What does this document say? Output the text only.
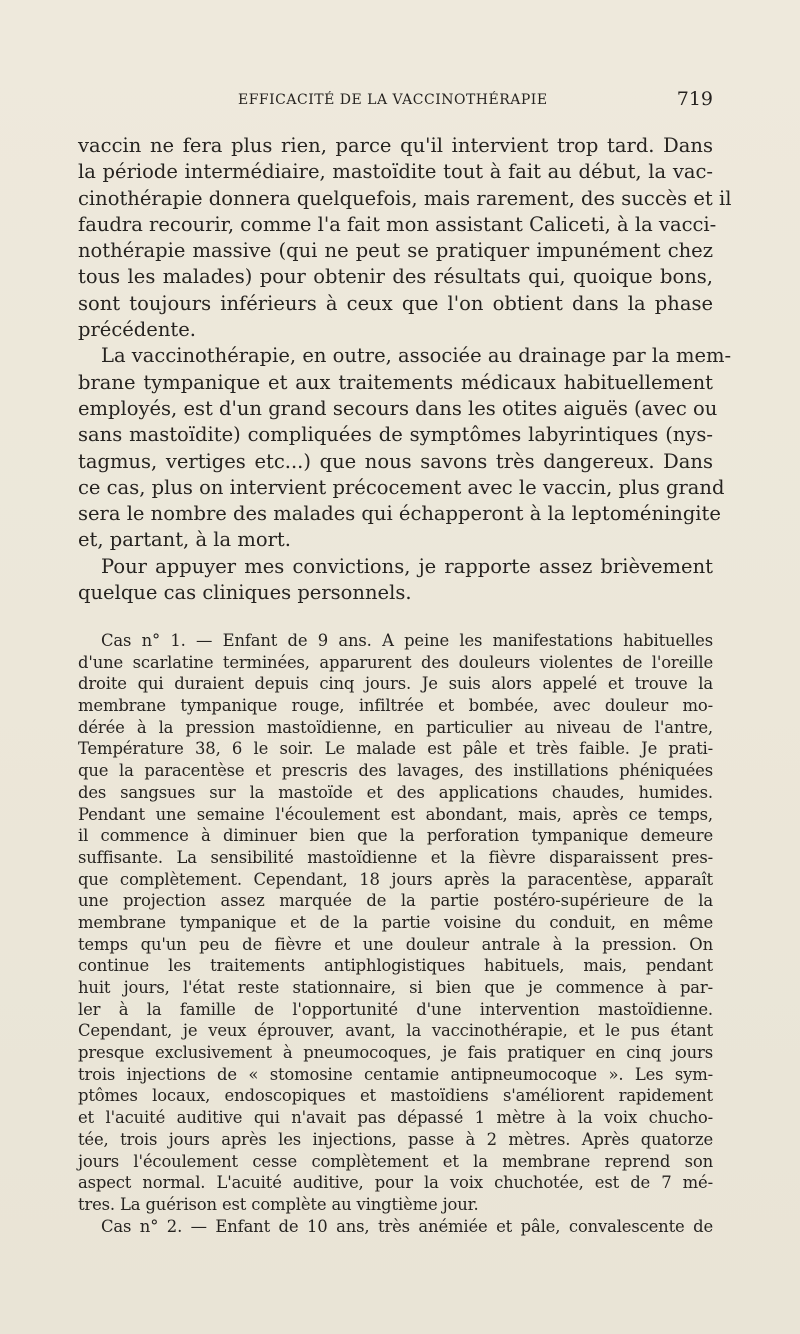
EFFICACITÉ DE LA VACCINOTHÉRAPIE	719
vaccin ne fera plus rien, parce qu'il intervient trop tard. Dans
la période intermédiaire, mastoïdite tout à fait au début, la vac-
cinothérapie donnera quelquefois, mais rarement, des succès et il
faudra recourir, comme l'a fait mon assistant Caliceti, à la vacci-
nothérapie massive (qui ne peut se pratiquer impunément chez
tous les malades) pour obtenir des résultats qui, quoique bons,
sont toujours inférieurs à ceux que l'on obtient dans la phase
précédente.
La vaccinothérapie, en outre, associée au drainage par la mem-
brane tympanique et aux traitements médicaux habituellement
employés, est d'un grand secours dans les otites aiguës (avec ou
sans mastoïdite) compliquées de symptômes labyrintiques (nys-
tagmus, vertiges etc...) que nous savons très dangereux. Dans
ce cas, plus on intervient précocement avec le vaccin, plus grand
sera le nombre des malades qui échapperont à la leptoméningite
et, partant, à la mort.
Pour appuyer mes convictions, je rapporte assez brièvement
quelque cas cliniques personnels.
Cas n° 1. — Enfant de 9 ans. A peine les manifestations habituelles
d'une scarlatine terminées, apparurent des douleurs violentes de l'oreille
droite qui duraient depuis cinq jours. Je suis alors appelé et trouve la
membrane tympanique rouge, infiltrée et bombée, avec douleur mo-
dérée à la pression mastoïdienne, en particulier au niveau de l'antre,
Température 38, 6 le soir. Le malade est pâle et très faible. Je prati-
que la paracentèse et prescris des lavages, des instillations phéniquées
des sangsues sur la mastoïde et des applications chaudes, humides.
Pendant une semaine l'écoulement est abondant, mais, après ce temps,
il commence à diminuer bien que la perforation tympanique demeure
suffisante. La sensibilité mastoïdienne et la fièvre disparaissent pres-
que complètement. Cependant, 18 jours après la paracentèse, apparaît
une projection assez marquée de la partie postéro-supérieure de la
membrane tympanique et de la partie voisine du conduit, en même
temps qu'un peu de fièvre et une douleur antrale à la pression. On
continue les traitements antiphlogistiques habituels, mais, pendant
huit jours, l'état reste stationnaire, si bien que je commence à par-
ler à la famille de l'opportunité d'une intervention mastoïdienne.
Cependant, je veux éprouver, avant, la vaccinothérapie, et le pus étant
presque exclusivement à pneumocoques, je fais pratiquer en cinq jours
trois injections de « stomosine centamie antipneumocoque ». Les sym-
ptômes locaux, endoscopiques et mastoïdiens s'améliorent rapidement
et l'acuité auditive qui n'avait pas dépassé 1 mètre à la voix chucho-
tée, trois jours après les injections, passe à 2 mètres. Après quatorze
jours l'écoulement cesse complètement et la membrane reprend son
aspect normal. L'acuité auditive, pour la voix chuchotée, est de 7 mé-
tres. La guérison est complète au vingtième jour.
Cas n° 2. — Enfant de 10 ans, très anémiée et pâle, convalescente de
